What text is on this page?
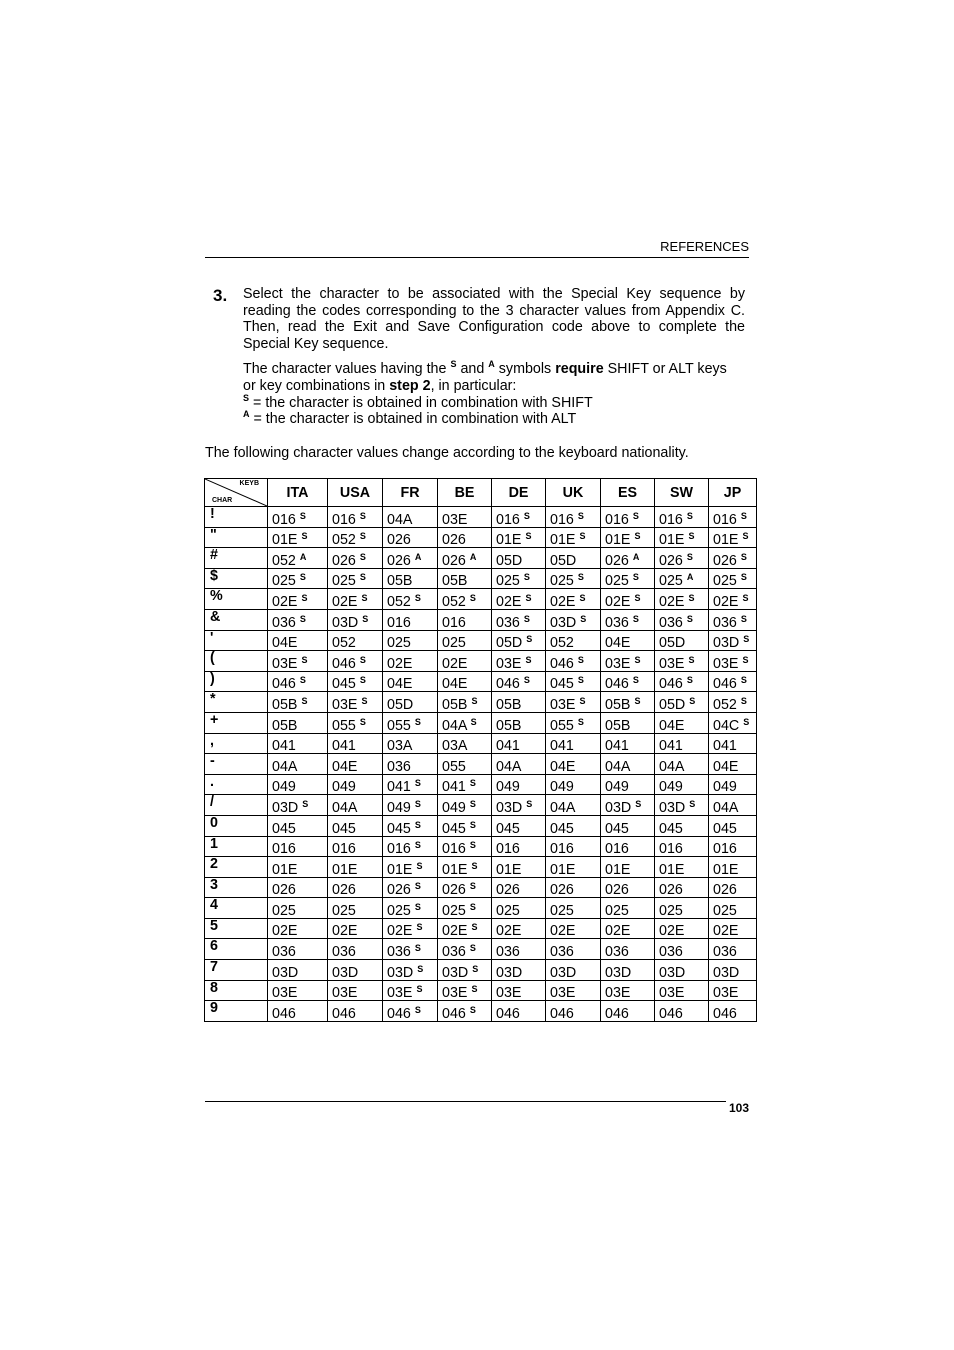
REFERENCES
3. Select the character to be associated with the Special Key sequence by reading the codes corresponding to the 3 character values from Appendix C. Then, read the Exit and Save Configuration code above to complete the Special Key sequence.

The character values having the $^S$ and $^A$ symbols require SHIFT or ALT keys
or key combinations in step 2, in particular:
$^S$ = the character is obtained in combination with SHIFT
$^A$ = the character is obtained in combination with ALT

The following character values change according to the keyboard nationality.
KEYB
CHAR	ITA	USA	FR	BE	DE	UK	ES	SW	JP
!	016 $^S$	016 $^S$	04A	03E	016 $^S$	016 $^S$	016 $^S$	016 $^S$	016 $^S$
"	01E $^S$	052 $^S$	026	026	01E $^S$	01E $^S$	01E $^S$	01E $^S$	01E $^S$
#	052 $^A$	026 $^S$	026 $^A$	026 $^A$	05D	05D	026 $^A$	026 $^S$	026 $^S$
$	025 $^S$	025 $^S$	05B	05B	025 $^S$	025 $^S$	025 $^S$	025 $^A$	025 $^S$
%	02E $^S$	02E $^S$	052 $^S$	052 $^S$	02E $^S$	02E $^S$	02E $^S$	02E $^S$	02E $^S$
&	036 $^S$	03D $^S$	016	016	036 $^S$	03D $^S$	036 $^S$	036 $^S$	036 $^S$
'	04E	052	025	025	05D $^S$	052	04E	05D	03D $^S$
(	03E $^S$	046 $^S$	02E	02E	03E $^S$	046 $^S$	03E $^S$	03E $^S$	03E $^S$
)	046 $^S$	045 $^S$	04E	04E	046 $^S$	045 $^S$	046 $^S$	046 $^S$	046 $^S$
*	05B $^S$	03E $^S$	05D	05B $^S$	05B	03E $^S$	05B $^S$	05D $^S$	052 $^S$
+	05B	055 $^S$	055 $^S$	04A $^S$	05B	055 $^S$	05B	04E	04C $^S$
,	041	041	03A	03A	041	041	041	041	041
-	04A	04E	036	055	04A	04E	04A	04A	04E
.	049	049	041 $^S$	041 $^S$	049	049	049	049	049
/	03D $^S$	04A	049 $^S$	049 $^S$	03D $^S$	04A	03D $^S$	03D $^S$	04A
0	045	045	045 $^S$	045 $^S$	045	045	045	045	045
1	016	016	016 $^S$	016 $^S$	016	016	016	016	016
2	01E	01E	01E $^S$	01E $^S$	01E	01E	01E	01E	01E
3	026	026	026 $^S$	026 $^S$	026	026	026	026	026
4	025	025	025 $^S$	025 $^S$	025	025	025	025	025
5	02E	02E	02E $^S$	02E $^S$	02E	02E	02E	02E	02E
6	036	036	036 $^S$	036 $^S$	036	036	036	036	036
7	03D	03D	03D $^S$	03D $^S$	03D	03D	03D	03D	03D
8	03E	03E	03E $^S$	03E $^S$	03E	03E	03E	03E	03E
9	046	046	046 $^S$	046 $^S$	046	046	046	046	046
103
